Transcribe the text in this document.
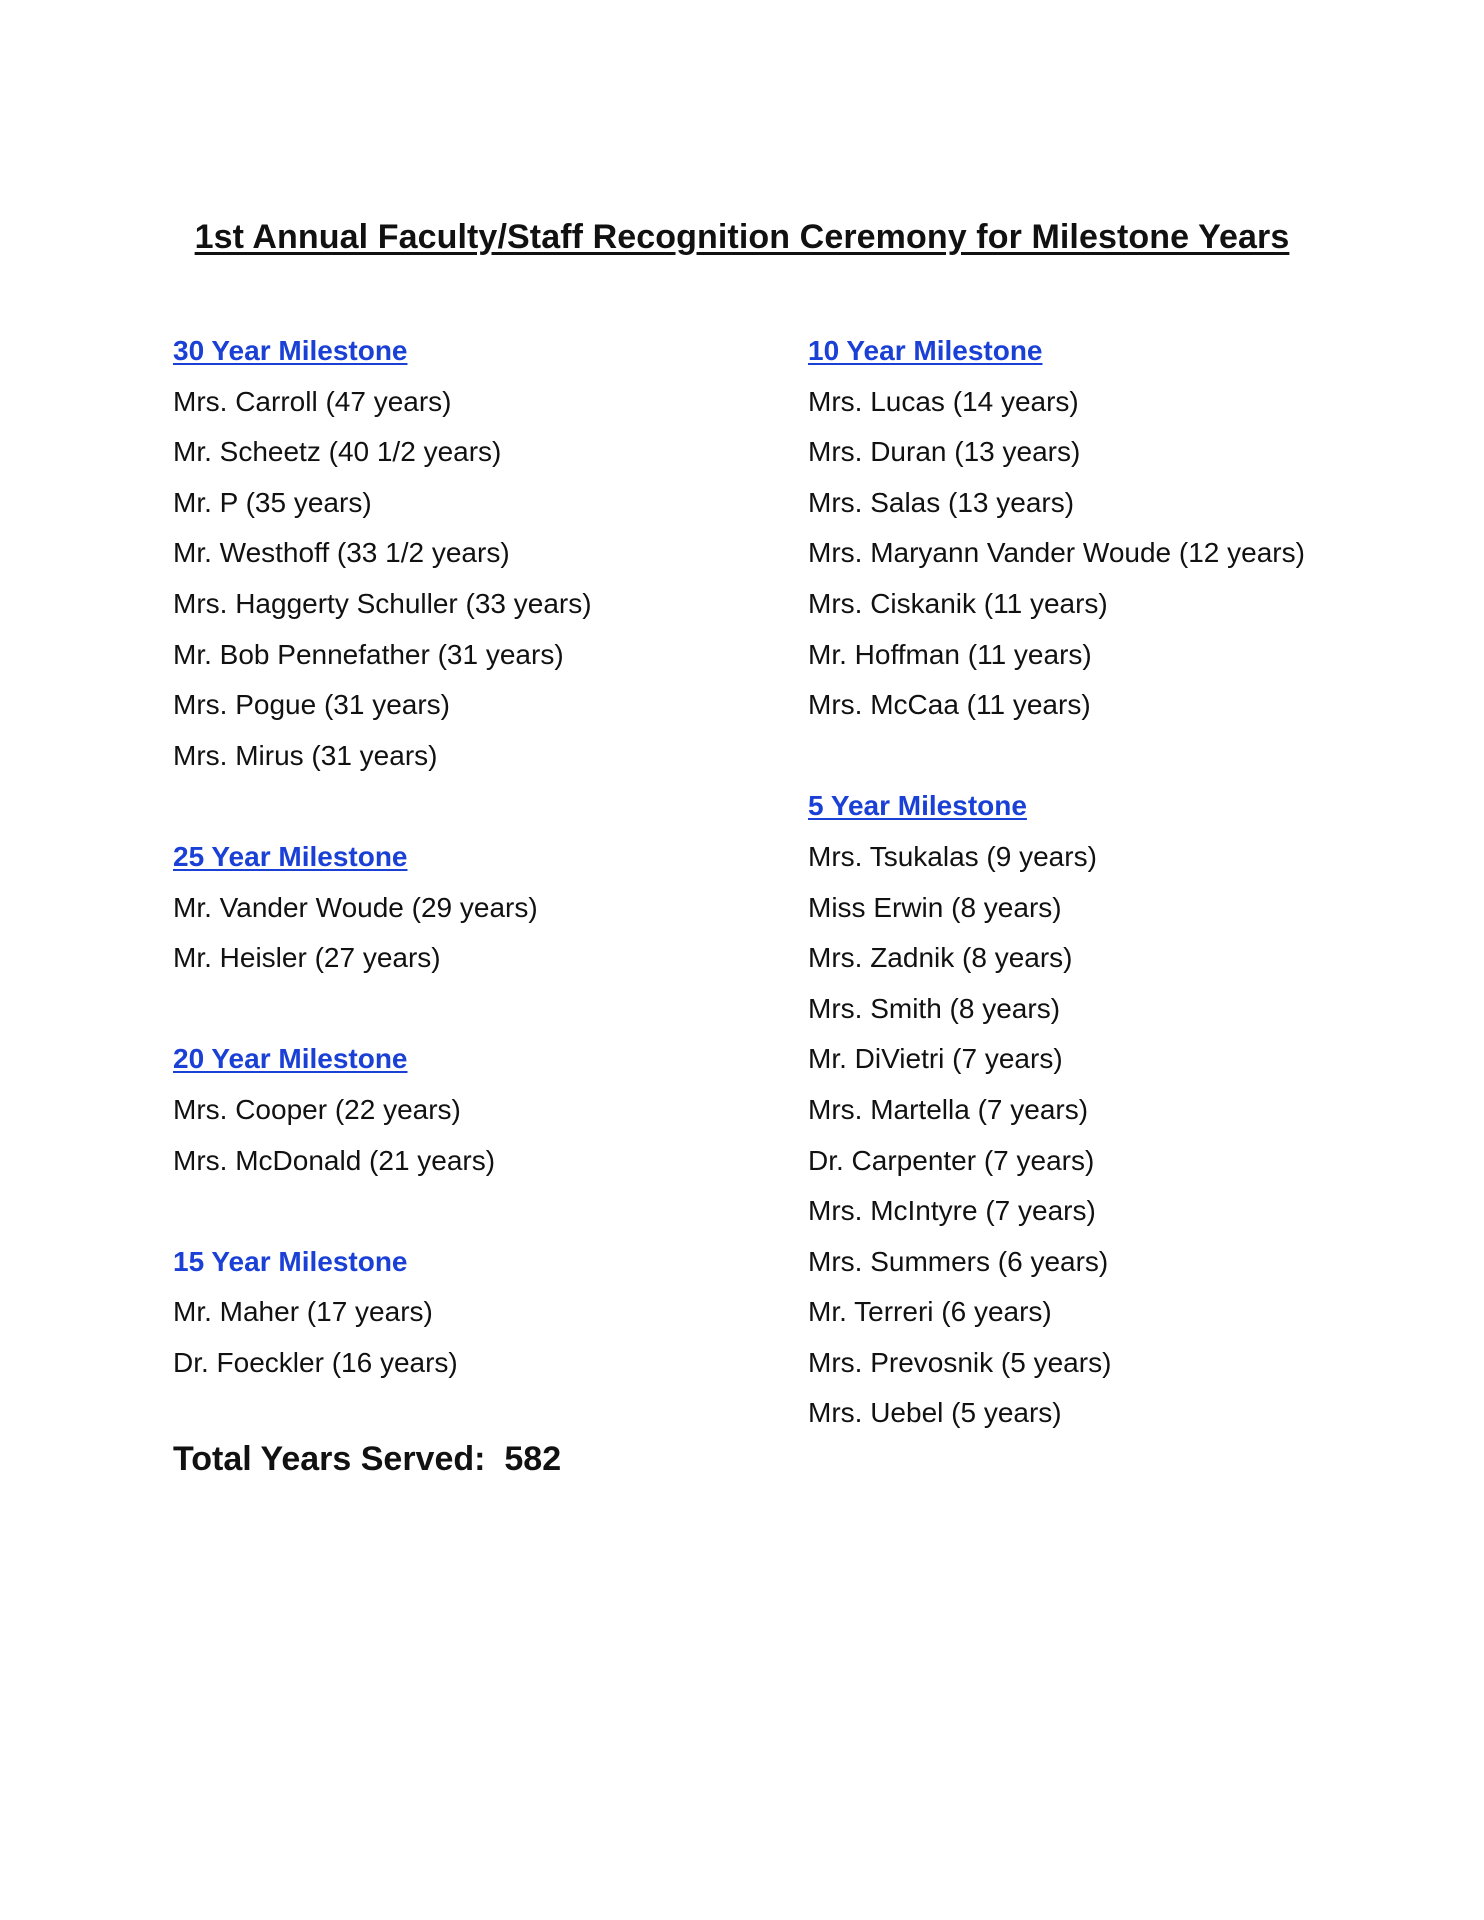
1st Annual Faculty/Staff Recognition Ceremony for Milestone Years
30 Year Milestone
Mrs. Carroll (47 years)
Mr. Scheetz (40 1/2 years)
Mr. P (35 years)
Mr. Westhoff (33 1/2 years)
Mrs. Haggerty Schuller (33 years)
Mr. Bob Pennefather (31 years)
Mrs. Pogue (31 years)
Mrs. Mirus (31 years)
25 Year Milestone
Mr. Vander Woude (29 years)
Mr. Heisler (27 years)
20 Year Milestone
Mrs. Cooper (22 years)
Mrs. McDonald (21 years)
15 Year Milestone
Mr. Maher (17 years)
Dr. Foeckler (16 years)
10 Year Milestone
Mrs. Lucas (14 years)
Mrs. Duran (13 years)
Mrs. Salas (13 years)
Mrs. Maryann Vander Woude (12 years)
Mrs. Ciskanik (11 years)
Mr. Hoffman (11 years)
Mrs. McCaa (11 years)
5 Year Milestone
Mrs. Tsukalas (9 years)
Miss Erwin (8 years)
Mrs. Zadnik (8 years)
Mrs. Smith (8 years)
Mr. DiVietri (7 years)
Mrs. Martella (7 years)
Dr. Carpenter (7 years)
Mrs. McIntyre (7 years)
Mrs. Summers (6 years)
Mr. Terreri (6 years)
Mrs. Prevosnik (5 years)
Mrs. Uebel (5 years)
Total Years Served: 582
